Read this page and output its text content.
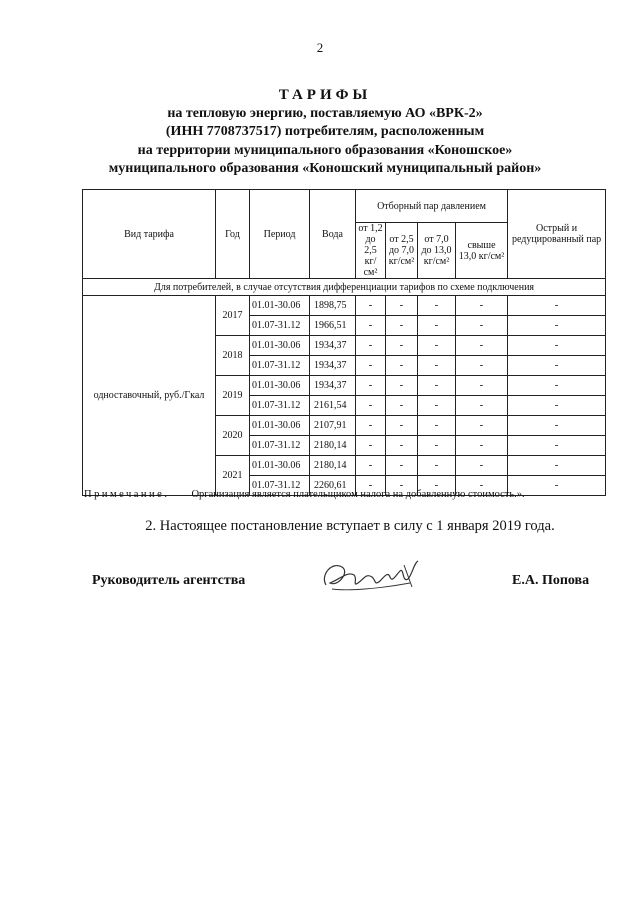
2
ТАРИФЫ
на тепловую энергию, поставляемую АО «ВРК-2»
(ИНН 7708737517) потребителям, расположенным
на территории муниципального образования «Коношское»
муниципального образования «Коношский муниципальный район»
Вид тарифа	Год	Период	Вода	Отборный пар давлением				Острый и редуцированный пар
				от 1,2 до 2,5 кг/см²	от 2,5 до 7,0 кг/см²	от 7,0 до 13,0 кг/см²	свыше 13,0 кг/см²	
Для потребителей, в случае отсутствия дифференциации тарифов по схеме подключения								
одноставочный, руб./Гкал	2017	01.01-30.06	1898,75	-	-	-	-	-
		01.07-31.12	1966,51	-	-	-	-	-
	2018	01.01-30.06	1934,37	-	-	-	-	-
		01.07-31.12	1934,37	-	-	-	-	-
	2019	01.01-30.06	1934,37	-	-	-	-	-
		01.07-31.12	2161,54	-	-	-	-	-
	2020	01.01-30.06	2107,91	-	-	-	-	-
		01.07-31.12	2180,14	-	-	-	-	-
	2021	01.01-30.06	2180,14	-	-	-	-	-
		01.07-31.12	2260,61	-	-	-	-	-
Примечание. Организация является плательщиком налога на добавленную стоимость.».
2. Настоящее постановление вступает в силу с 1 января 2019 года.
Руководитель агентства	Е.А. Попова
